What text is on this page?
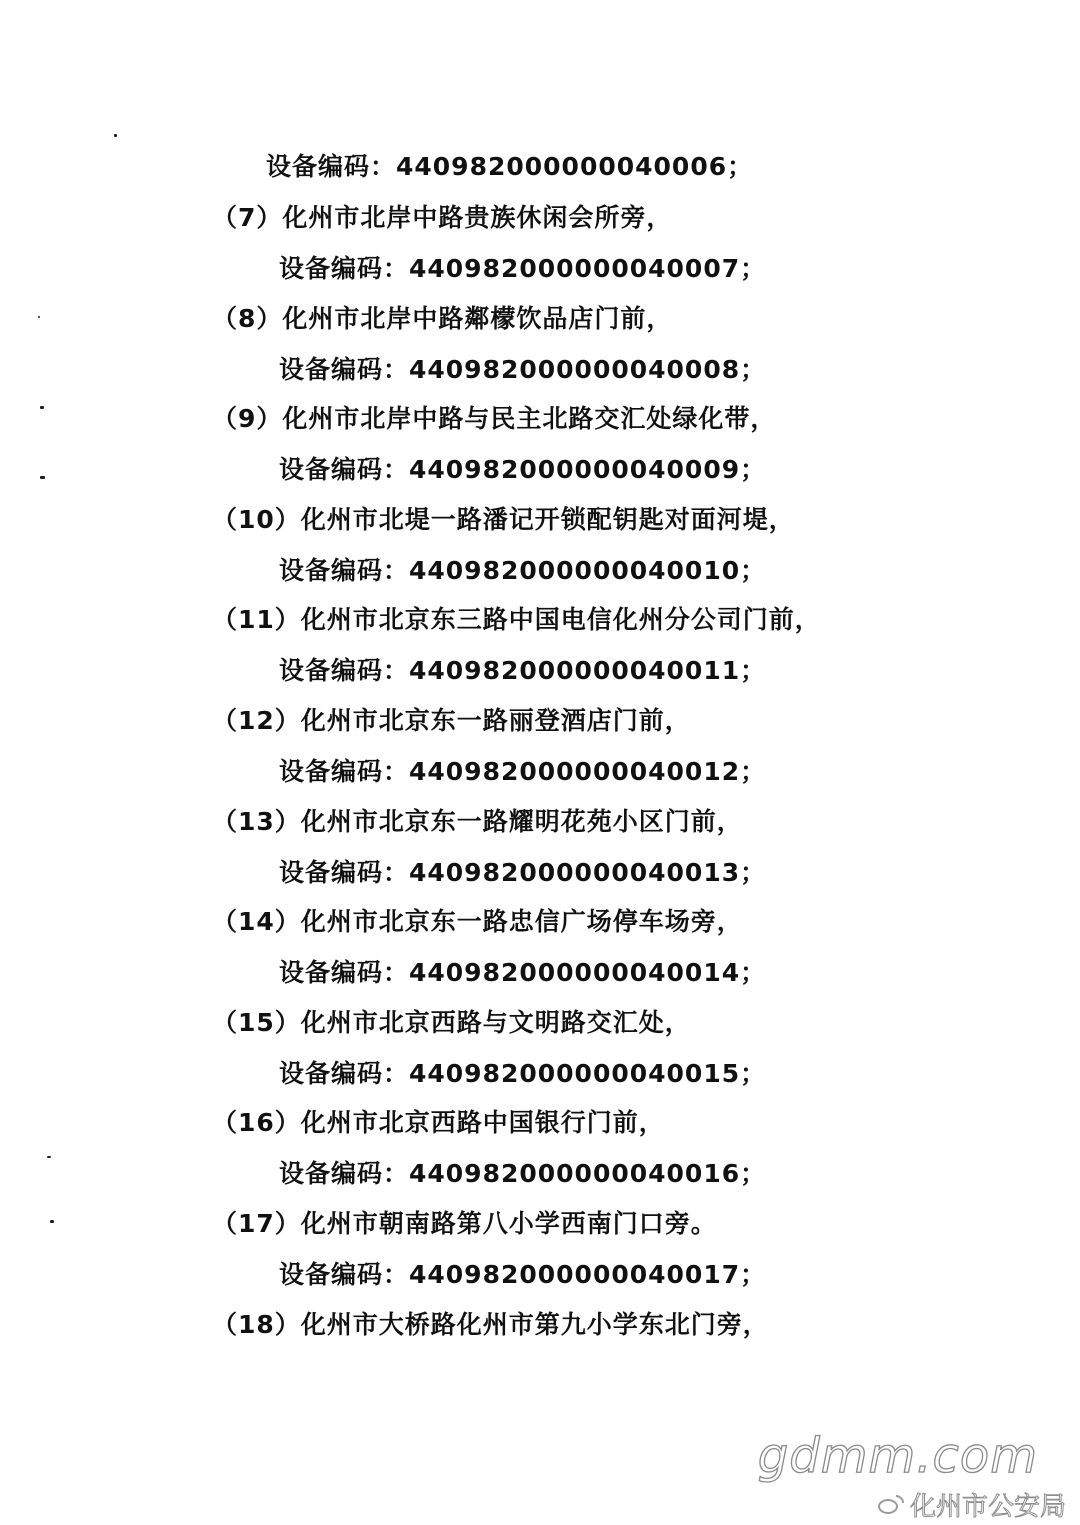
设备编码：440982000000040006；
（7）化州市北岸中路贵族休闲会所旁，
设备编码：440982000000040007；
（8）化州市北岸中路鄰檬饮品店门前，
设备编码：440982000000040008；
（9）化州市北岸中路与民主北路交汇处绿化带，
设备编码：440982000000040009；
（10）化州市北堤一路潘记开锁配钥匙对面河堤，
设备编码：440982000000040010；
（11）化州市北京东三路中国电信化州分公司门前，
设备编码：440982000000040011；
（12）化州市北京东一路丽登酒店门前，
设备编码：440982000000040012；
（13）化州市北京东一路耀明花苑小区门前，
设备编码：440982000000040013；
（14）化州市北京东一路忠信广场停车场旁，
设备编码：440982000000040014；
（15）化州市北京西路与文明路交汇处，
设备编码：440982000000040015；
（16）化州市北京西路中国银行门前，
设备编码：440982000000040016；
（17）化州市朝南路第八小学西南门口旁。
设备编码：440982000000040017；
（18）化州市大桥路化州市第九小学东北门旁，
gdmm.com
化州市公安局
